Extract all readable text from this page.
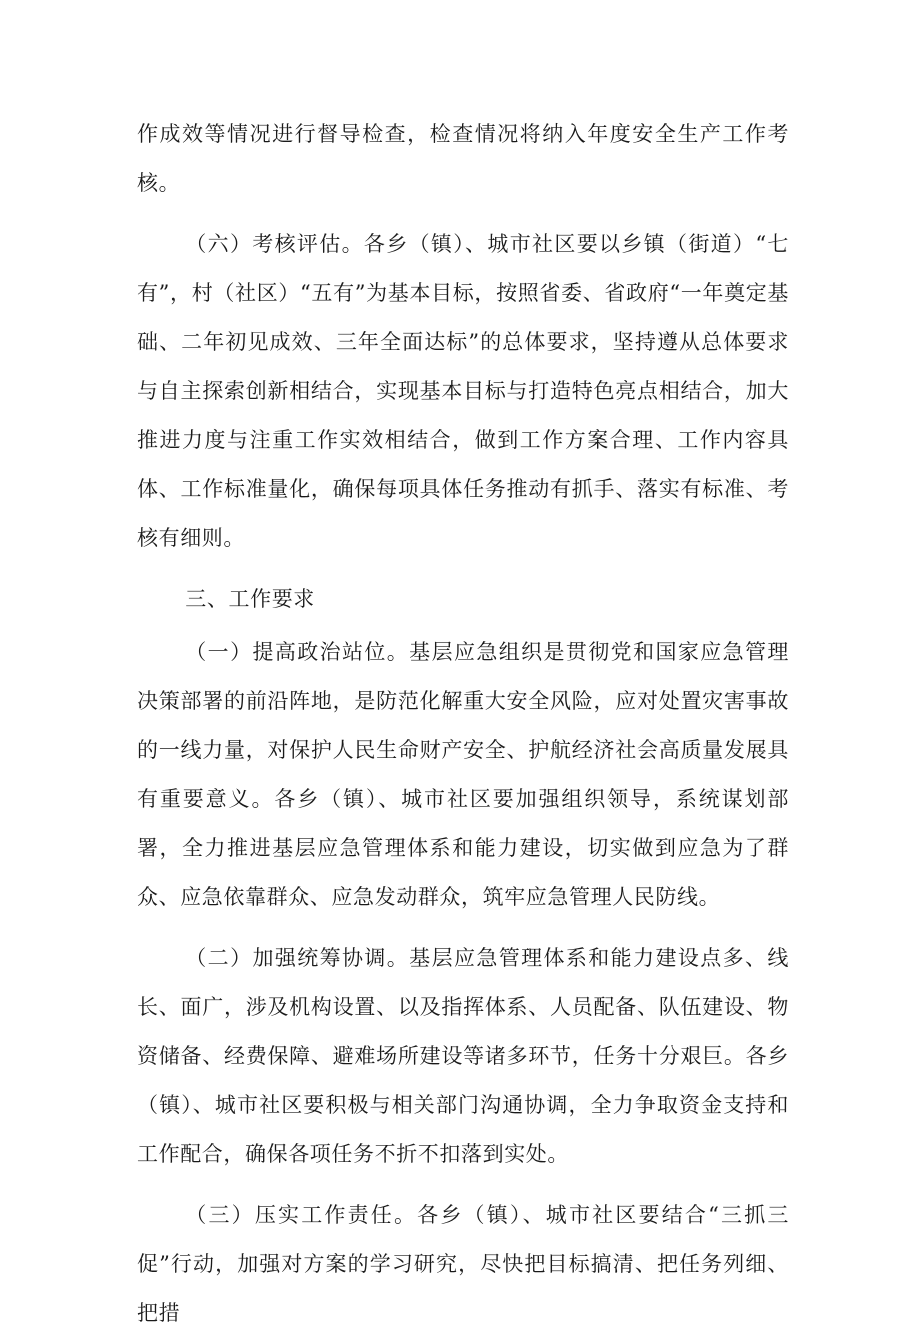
作成效等情况进行督导检查，检查情况将纳入年度安全生产工作考核。

（六）考核评估。各乡（镇）、城市社区要以乡镇（街道）“七有”，村（社区）“五有”为基本目标，按照省委、省政府“一年奠定基础、二年初见成效、三年全面达标”的总体要求，坚持遵从总体要求与自主探索创新相结合，实现基本目标与打造特色亮点相结合，加大推进力度与注重工作实效相结合，做到工作方案合理、工作内容具体、工作标准量化，确保每项具体任务推动有抓手、落实有标准、考核有细则。

三、工作要求

（一）提高政治站位。基层应急组织是贯彻党和国家应急管理决策部署的前沿阵地，是防范化解重大安全风险，应对处置灾害事故的一线力量，对保护人民生命财产安全、护航经济社会高质量发展具有重要意义。各乡（镇）、城市社区要加强组织领导，系统谋划部署，全力推进基层应急管理体系和能力建设，切实做到应急为了群众、应急依靠群众、应急发动群众，筑牢应急管理人民防线。

（二）加强统筹协调。基层应急管理体系和能力建设点多、线长、面广，涉及机构设置、以及指挥体系、人员配备、队伍建设、物资储备、经费保障、避难场所建设等诸多环节，任务十分艰巨。各乡（镇）、城市社区要积极与相关部门沟通协调，全力争取资金支持和工作配合，确保各项任务不折不扣落到实处。

（三）压实工作责任。各乡（镇）、城市社区要结合“三抓三促”行动，加强对方案的学习研究，尽快把目标搞清、把任务列细、把措
